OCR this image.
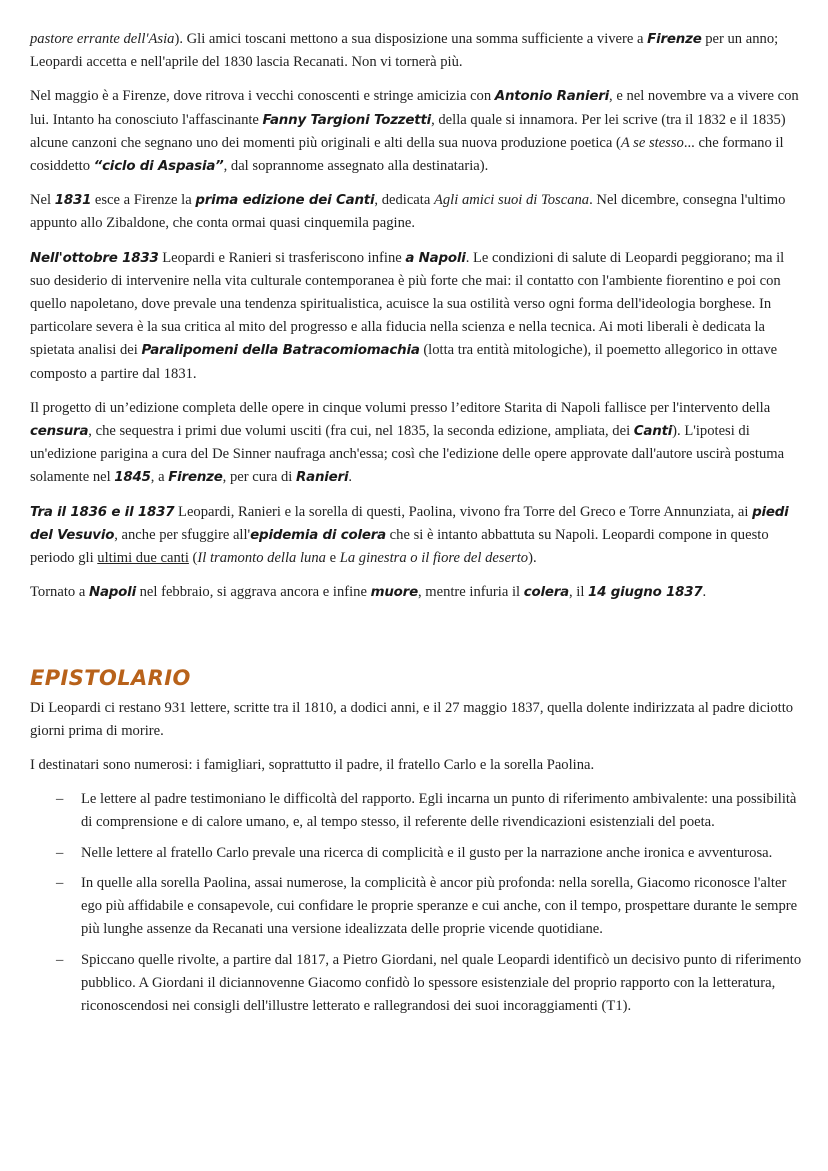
pastore errante dell'Asia). Gli amici toscani mettono a sua disposizione una somma sufficiente a vivere a Firenze per un anno; Leopardi accetta e nell'aprile del 1830 lascia Recanati. Non vi tornerà più.

Nel maggio è a Firenze, dove ritrova i vecchi conoscenti e stringe amicizia con Antonio Ranieri, e nel novembre va a vivere con lui. Intanto ha conosciuto l'affascinante Fanny Targioni Tozzetti, della quale si innamora. Per lei scrive (tra il 1832 e il 1835) alcune canzoni che segnano uno dei momenti più originali e alti della sua nuova produzione poetica (A se stesso... che formano il cosiddetto “ciclo di Aspasia”, dal soprannome assegnato alla destinataria).

Nel 1831 esce a Firenze la prima edizione dei Canti, dedicata Agli amici suoi di Toscana. Nel dicembre, consegna l'ultimo appunto allo Zibaldone, che conta ormai quasi cinquemila pagine.

Nell'ottobre 1833 Leopardi e Ranieri si trasferiscono infine a Napoli. Le condizioni di salute di Leopardi peggiorano; ma il suo desiderio di intervenire nella vita culturale contemporanea è più forte che mai: il contatto con l'ambiente fiorentino e poi con quello napoletano, dove prevale una tendenza spiritualistica, acuisce la sua ostilità verso ogni forma dell'ideologia borghese. In particolare severa è la sua critica al mito del progresso e alla fiducia nella scienza e nella tecnica. Ai moti liberali è dedicata la spietata analisi dei Paralipomeni della Batracomiomachia (lotta tra entità mitologiche), il poemetto allegorico in ottave composto a partire dal 1831.

Il progetto di un’edizione completa delle opere in cinque volumi presso l’editore Starita di Napoli fallisce per l'intervento della censura, che sequestra i primi due volumi usciti (fra cui, nel 1835, la seconda edizione, ampliata, dei Canti). L'ipotesi di un'edizione parigina a cura del De Sinner naufraga anch'essa; così che l'edizione delle opere approvate dall'autore uscirà postuma solamente nel 1845, a Firenze, per cura di Ranieri.

Tra il 1836 e il 1837 Leopardi, Ranieri e la sorella di questi, Paolina, vivono fra Torre del Greco e Torre Annunziata, ai piedi del Vesuvio, anche per sfuggire all'epidemia di colera che si è intanto abbattuta su Napoli. Leopardi compone in questo periodo gli ultimi due canti (Il tramonto della luna e La ginestra o il fiore del deserto).

Tornato a Napoli nel febbraio, si aggrava ancora e infine muore, mentre infuria il colera, il 14 giugno 1837.

EPISTOLARIO

Di Leopardi ci restano 931 lettere, scritte tra il 1810, a dodici anni, e il 27 maggio 1837, quella dolente indirizzata al padre diciotto giorni prima di morire.

I destinatari sono numerosi: i famigliari, soprattutto il padre, il fratello Carlo e la sorella Paolina.

– Le lettere al padre testimoniano le difficoltà del rapporto. Egli incarna un punto di riferimento ambivalente: una possibilità di comprensione e di calore umano, e, al tempo stesso, il referente delle rivendicazioni esistenziali del poeta.
– Nelle lettere al fratello Carlo prevale una ricerca di complicità e il gusto per la narrazione anche ironica e avventurosa.
– In quelle alla sorella Paolina, assai numerose, la complicità è ancor più profonda: nella sorella, Giacomo riconosce l'alter ego più affidabile e consapevole, cui confidare le proprie speranze e cui anche, con il tempo, prospettare durante le sempre più lunghe assenze da Recanati una versione idealizzata delle proprie vicende quotidiane.
– Spiccano quelle rivolte, a partire dal 1817, a Pietro Giordani, nel quale Leopardi identificò un decisivo punto di riferimento pubblico. A Giordani il diciannovenne Giacomo confidò lo spessore esistenziale del proprio rapporto con la letteratura, riconoscendosi nei consigli dell'illustre letterato e rallegrandosi dei suoi incoraggiamenti (T1).
